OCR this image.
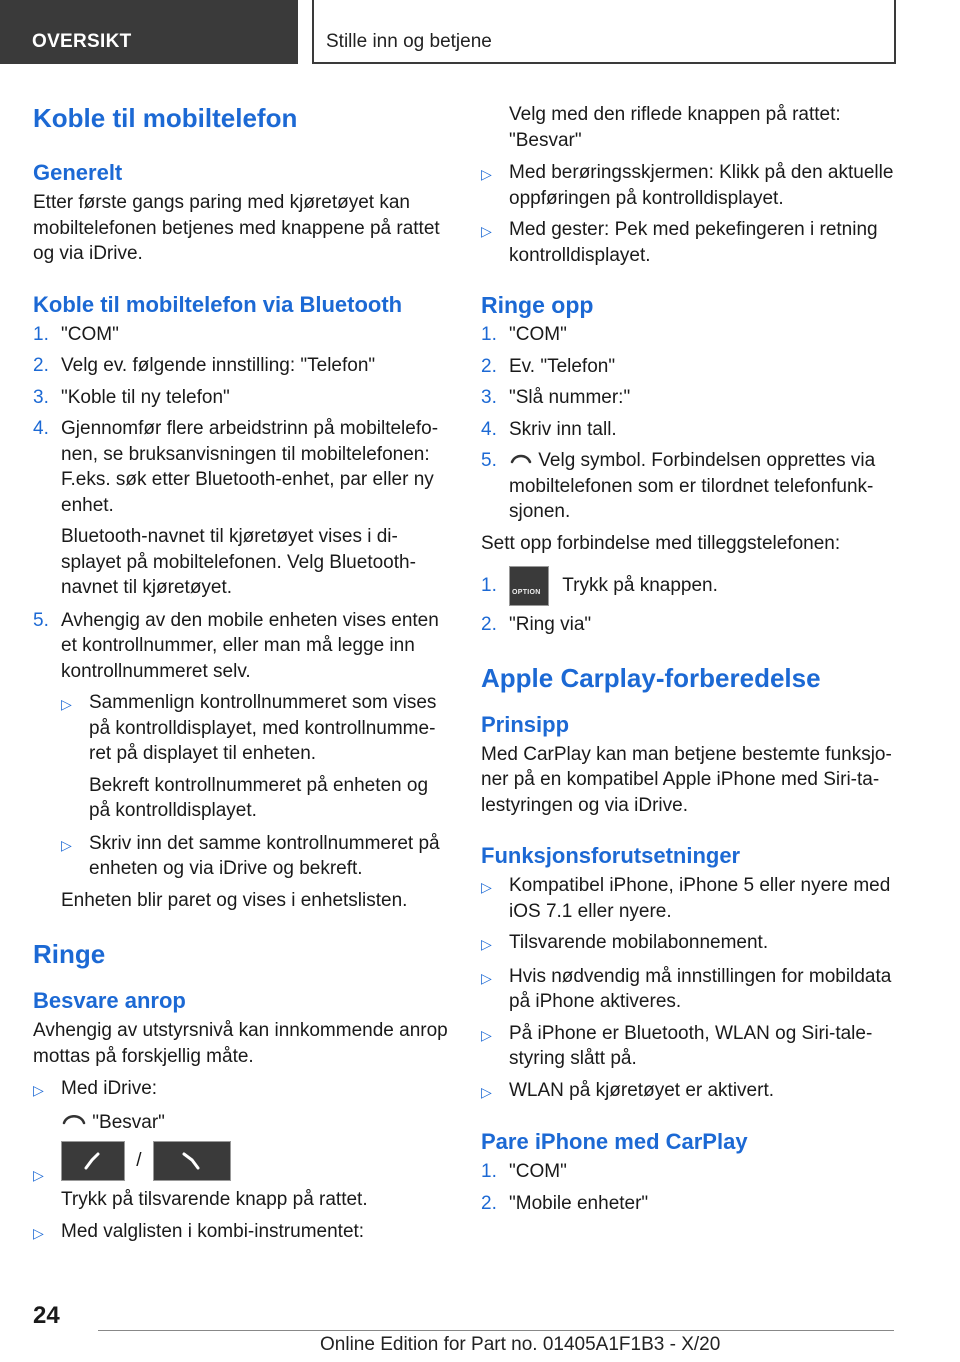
OVERSIKT	Stille inn og betjene
Koble til mobiltelefon
Generelt

Etter første gangs paring med kjøretøyet kan mobiltelefonen betjenes med knappene på rattet og via iDrive.

Koble til mobiltelefon via Bluetooth
1. "COM"
2. Velg ev. følgende innstilling: "Telefon"
3. "Koble til ny telefon"
4. Gjennomfør flere arbeidstrinn på mobiltelefonen, se bruksanvisningen til mobiltelefonen: F.eks. søk etter Bluetooth-enhet, par eller ny enhet.

Bluetooth-navnet til kjøretøyet vises i displayet på mobiltelefonen. Velg Bluetooth-navnet til kjøretøyet.

5. Avhengig av den mobile enheten vises enten et kontrollnummer, eller man må legge inn kontrollnummeret selv.
▷ Sammenlign kontrollnummeret som vises på kontrolldisplayet, med kontrollnummeret på displayet til enheten.

Bekreft kontrollnummeret på enheten og på kontrolldisplayet.

▷ Skriv inn det samme kontrollnummeret på enheten og via iDrive og bekreft.

Enheten blir paret og vises i enhetslisten.

Ringe
Besvare anrop

Avhengig av utstyrsnivå kan innkommende anrop mottas på forskjellig måte.

▷ Med iDrive:
"Besvar"
▷
/
Trykk på tilsvarende knapp på rattet.
▷ Med valglisten i kombi-instrumentet:

Velg med den riflede knappen på rattet: "Besvar"

▷ Med berøringsskjermen: Klikk på den aktuelle oppføringen på kontrolldisplayet.
▷ Med gester: Pek med pekefingeren i retning kontrolldisplayet.
Ringe opp
1. "COM"
2. Ev. "Telefon"
3. "Slå nummer:"
4. Skriv inn tall.
5.	Velg symbol. Forbindelsen opprettes via mobiltelefonen som er tilordnet telefonfunksjonen.

Sett opp forbindelse med tilleggstelefonen:

1.	OPTION Trykk på knappen.
2. "Ring via"
Apple Carplay-forberedelse
Prinsipp

Med CarPlay kan man betjene bestemte funksjoner på en kompatibel Apple iPhone med Siri-talestyringen og via iDrive.

Funksjonsforutsetninger
▷ Kompatibel iPhone, iPhone 5 eller nyere med iOS 7.1 eller nyere.
▷ Tilsvarende mobilabonnement.
▷ Hvis nødvendig må innstillingen for mobildata på iPhone aktiveres.
▷ På iPhone er Bluetooth, WLAN og Siri-talestyring slått på.
▷ WLAN på kjøretøyet er aktivert.
Pare iPhone med CarPlay
1. "COM"
2. "Mobile enheter"
24
Online Edition for Part no. 01405A1F1B3 - X/20
